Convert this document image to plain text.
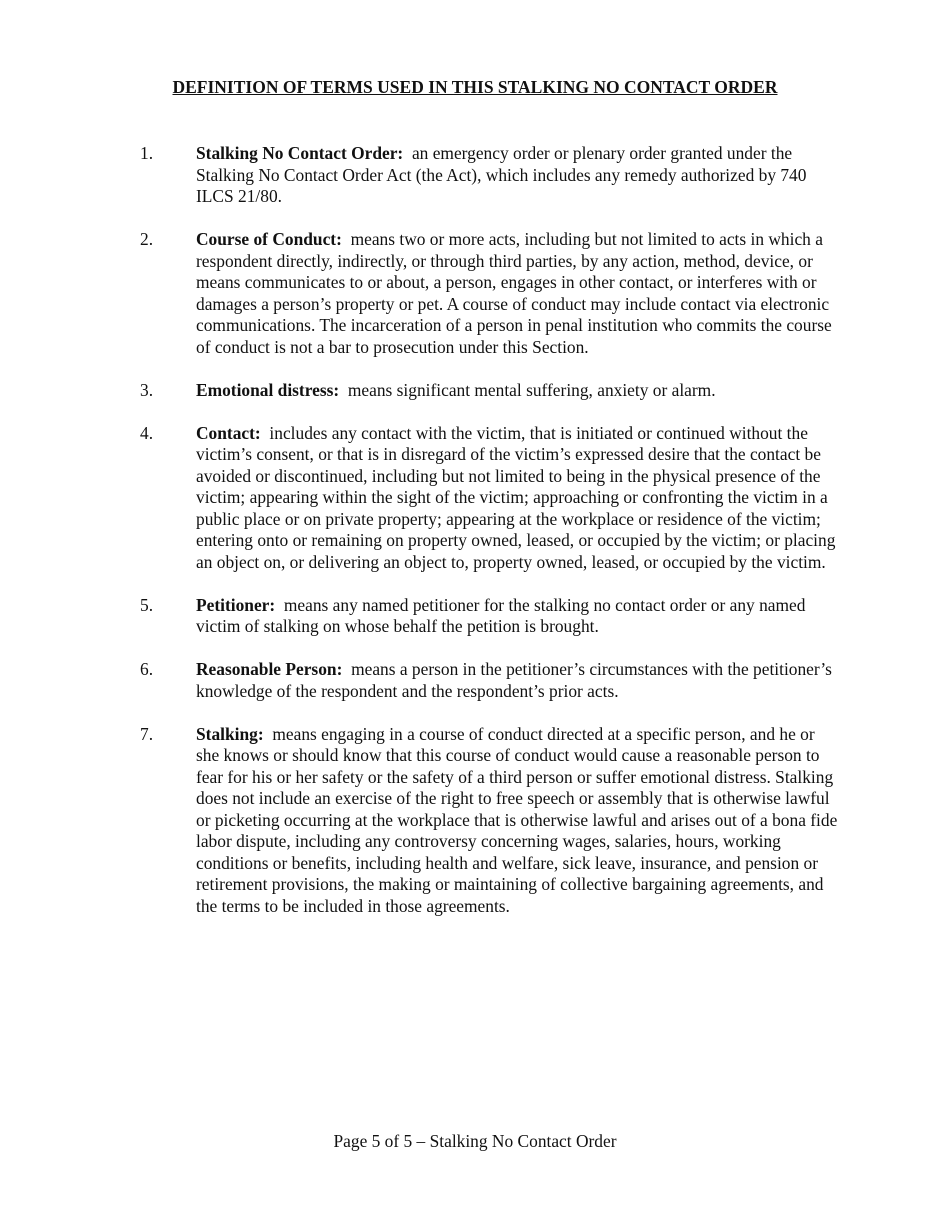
DEFINITION OF TERMS USED IN THIS STALKING NO CONTACT ORDER
1.	Stalking No Contact Order: an emergency order or plenary order granted under the Stalking No Contact Order Act (the Act), which includes any remedy authorized by 740 ILCS 21/80.
2.	Course of Conduct: means two or more acts, including but not limited to acts in which a respondent directly, indirectly, or through third parties, by any action, method, device, or means communicates to or about, a person, engages in other contact, or interferes with or damages a person’s property or pet. A course of conduct may include contact via electronic communications. The incarceration of a person in penal institution who commits the course of conduct is not a bar to prosecution under this Section.
3.	Emotional distress: means significant mental suffering, anxiety or alarm.
4.	Contact: includes any contact with the victim, that is initiated or continued without the victim’s consent, or that is in disregard of the victim’s expressed desire that the contact be avoided or discontinued, including but not limited to being in the physical presence of the victim; appearing within the sight of the victim; approaching or confronting the victim in a public place or on private property; appearing at the workplace or residence of the victim; entering onto or remaining on property owned, leased, or occupied by the victim; or placing an object on, or delivering an object to, property owned, leased, or occupied by the victim.
5.	Petitioner: means any named petitioner for the stalking no contact order or any named victim of stalking on whose behalf the petition is brought.
6.	Reasonable Person: means a person in the petitioner’s circumstances with the petitioner’s knowledge of the respondent and the respondent’s prior acts.
7.	Stalking: means engaging in a course of conduct directed at a specific person, and he or she knows or should know that this course of conduct would cause a reasonable person to fear for his or her safety or the safety of a third person or suffer emotional distress. Stalking does not include an exercise of the right to free speech or assembly that is otherwise lawful or picketing occurring at the workplace that is otherwise lawful and arises out of a bona fide labor dispute, including any controversy concerning wages, salaries, hours, working conditions or benefits, including health and welfare, sick leave, insurance, and pension or retirement provisions, the making or maintaining of collective bargaining agreements, and the terms to be included in those agreements.
Page 5 of 5 – Stalking No Contact Order
